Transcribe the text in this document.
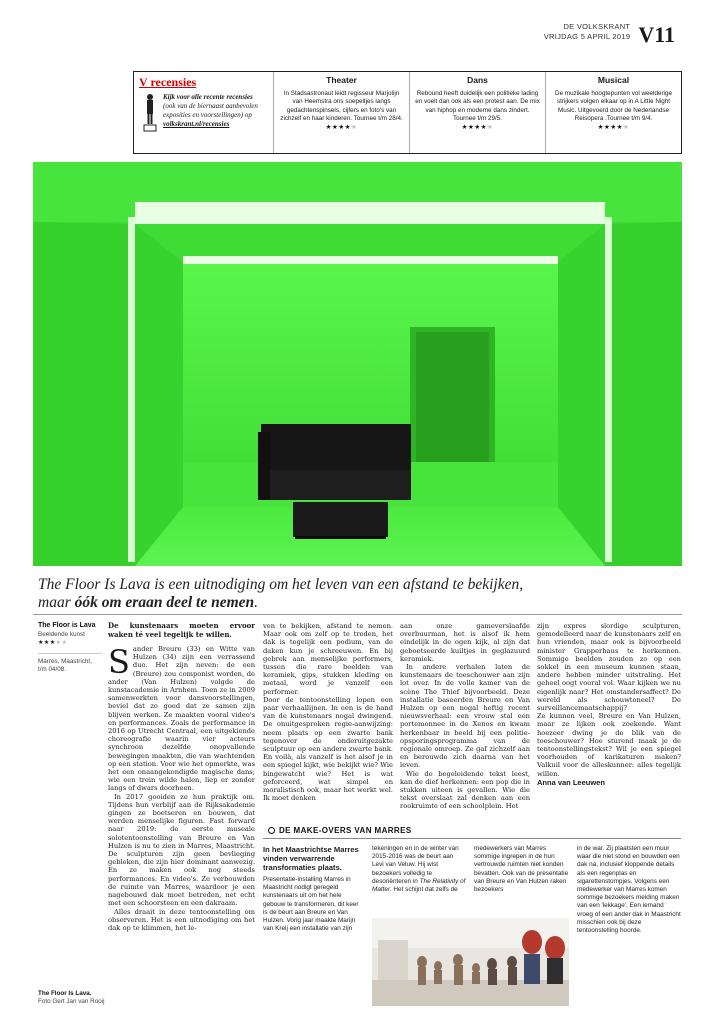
DE VOLKSKRANT
VRIJDAG 5 APRIL 2019 V11
V recensies
Kijk voor alle recente recensies (ook van de hiernaast aanbevolen exposities en voorstellingen) op volkskrant.nl/recensies
Theater
In Stadsastronaut leidt regisseur Marjolijn van Heemstra ons soepeltjes langs gedachtenspinsels, cijfers en foto's van zichzelf en haar kinderen. Tournee t/m 28/4.
★★★★★
Dans
Rebound heeft duidelijk een politieke lading en voelt dan ook als een protest aan. De mix van hiphop en moderne dans zindert. Tournee t/m 29/5.
★★★★★
Musical
De muzikale hoogtepunten vol weelderige strijkers volgen elkaar op in A Little Night Music. Uitgevoerd door de Nederlandse Reisopera .Tournee t/m 9/4.
★★★★★
The Floor Is Lava is een uitnodiging om het leven van een afstand te bekijken,
maar óók om eraan deel te nemen.
The Floor is Lava
Beeldende kunst
★★★★★
Marres, Maastricht,
t/m 04/08.
The Floor Is Lava.
Foto Gert Jan van Rooij

De kunstenaars moeten ervoor waken té veel tegelijk te willen.

Sander Breure (33) en Witte van Hulzen (34) zijn een verrassend duo. Het zijn neven: de een (Breure) zou componist worden, de ander (Van Hulzen) volgde de kunstacademie in Arnhem. Toen ze in 2009 samenwerkten voor dansvoorstellingen, beviel dat zo goed dat ze samen zijn blijven werken. Ze maakten vooral video's en performances. Zoals de performance in 2016 op Utrecht Centraal, een uitgekiende choreografie waarin vier acteurs synchroon dezelfde onopvallende bewegingen maakten, die van wachtenden op een station. Voor wie het opmerkte, was het een onaangekondigde magische dans; wie een trein wilde halen, liep er zonder langs of dwars doorheen.

In 2017 gooiden ze hun praktijk om. Tijdens hun verblijf aan de Rijksakademie gingen ze boetseren en bouwen, dat werden menselijke figuren. Fast forward naar 2019: de eerste museale solotentoonstelling van Breure en Van Hulzen is nu te zien in Marres, Maastricht. De sculpturen zijn geen bevlieging gebleken, die zijn hier dominant aanwezig. En ze maken ook nog steeds performances. En video's. Ze verbouwden de ruimte van Marres, waardoor je een nagebouwd dak moet betreden, net echt met een schoorsteen en een dakraam.

Alles draait in deze tentoonstelling om observeren. Het is een uitnodiging om het dak op te klimmen, het le-

ven te bekijken, afstand te nemen. Maar ook om zelf op te treden, het dak is tegelijk een podium, van de daken kun je schreeuwen. En bij gebrek aan menselijke performers, tussen die rare beelden van keramiek, gips, stukken kleding en metaal, word je vanzelf een performer.

Door de tentoonstelling lopen een paar verhaallijnen. In een is de hand van de kunstenaars nogal dwingend. De onuitgesproken regie-aanwijzing: neem plaats op een zwarte bank tegenover de onderuitgezakte sculptuur op een andere zwarte bank. En voilà, als vanzelf is het alsof je in een spiegel kijkt, wie bekijkt wie? Wie bingewatcht wie? Het is wat geforceerd, wat simpel en moralistisch ook, maar het werkt wel. Ik moet denken

aan onze gameverslaafde overbuurman, het is alsof ik hem eindelijk in de ogen kijk, al zijn dat geboetseerde kuiltjes in geglazuurd keramiek.

In andere verhalen laten de kunstenaars de toeschouwer aan zijn lot over. In de volle kamer van de scène The Thief bijvoorbeeld. Deze installatie baseerden Breure en Van Hulzen op een nogal heftig recent nieuwsverhaal: een vrouw stal een portemonnee in de Xenos en kwam herkenbaar in beeld bij een politie-opsporingsprogramma van de regionale omroep. Ze gaf zichzelf aan en berouwde zich daarna van het leven.

Wie de begeleidende tekst leest, kan de dief herkennen: een pop die in stukken uiteen is gevallen. Wie die tekst overslaat zal denken aan een rookruimte of een schoolplein. Het

zijn expres slordige sculpturen, gemodelleerd naar de kunstenaars zelf en hun vrienden, maar ook is bijvoorbeeld minister Grapperhaus te herkennen. Sommige beelden zouden zo op een sokkel in een museum kunnen staan, andere hebben minder uitstraling. Het geheel oogt vooral vol. Waar kijken we nu eigenlijk naar? Het omstandersaffect? De wereld als schouwtoneel? De surveillancemaatschappij?

Ze kunnen veel, Breure en Van Hulzen, maar ze lijken ook zoekende. Want hoezeer dwing je de blik van de toeschouwer? Hoe sturend maak je de tentoonstellingstekst? Wil je een spiegel voorhouden of karikaturen maken? Valkuil voor de alleskunner: alles tegelijk willen.

Anna van Leeuwen
DE MAKE-OVERS VAN MARRES
In het Maastrichtse Marres vinden verwarrende transformaties plaats.
Presentatie-installing Marres in Maastricht nodigt geregeld kunstenaars uit om het hele gebouw te transformeren, dit keer is de beurt aan Breure en Van Hulzen. Vorig jaar maakte Marijn van Kreij een installatie van zijn
tekeningen en in de winter van 2015-2016 was de beurt aan Levi van Veluw. Hij wist bezoekers volledig te desoriënteren in The Relativity of Matter. Het schijnt dat zelfs de
medewerkers van Marres sommige ingrepen in de hun vertrouwde ruimten niet konden bevatten. Ook van de presentatie van Breure en Van Hulzen raken bezoekers
in de war. Zij plaatsten een muur waar die niet stond en bouwden een dak na, inclusief kloppende details als een regenplas en sigarettenstompjes. Volgens een medewerker van Marres komen sommige bezoekers melding maken van een 'lekkage'. Een iemand vroeg of een ander dak in Maastricht misschien ook bij deze tentoonstelling hoorde.
